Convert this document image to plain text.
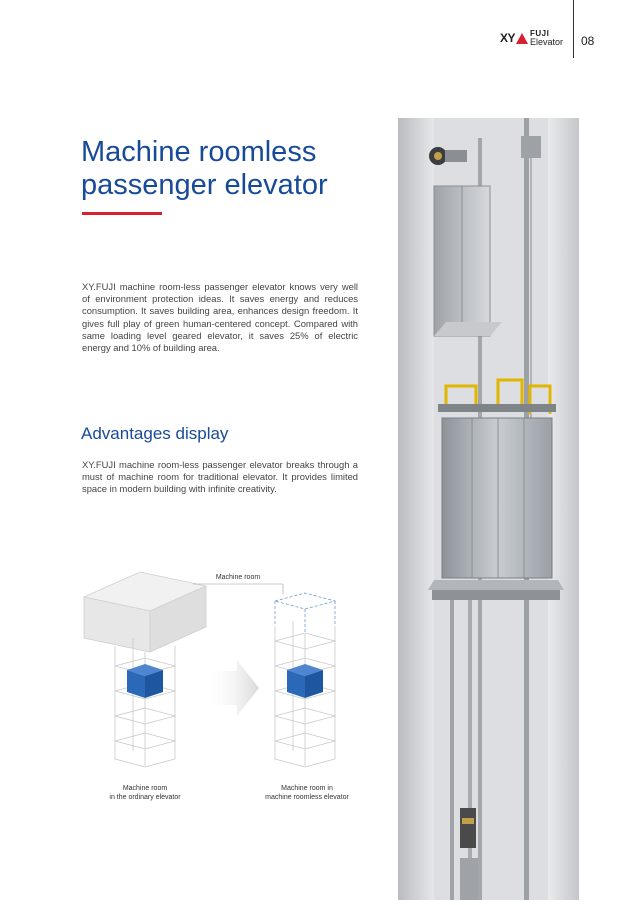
XY FUJI
Elevator 08
Machine roomless
passenger elevator
XY.FUJI machine room-less passenger elevator knows very well of environment protection ideas. It saves energy and reduces consumption. It saves building area, enhances design freedom. It gives full play of green human-centered concept. Compared with same loading level geared elevator, it saves 25% of electric energy and 10% of building area.
Advantages display
XY.FUJI machine room-less passenger elevator breaks through a must of machine room for traditional elevator. It provides limited space in modern building with infinite creativity.
Machine room
Machine room
in the ordinary elevator
Machine room in
machine roomless elevator
